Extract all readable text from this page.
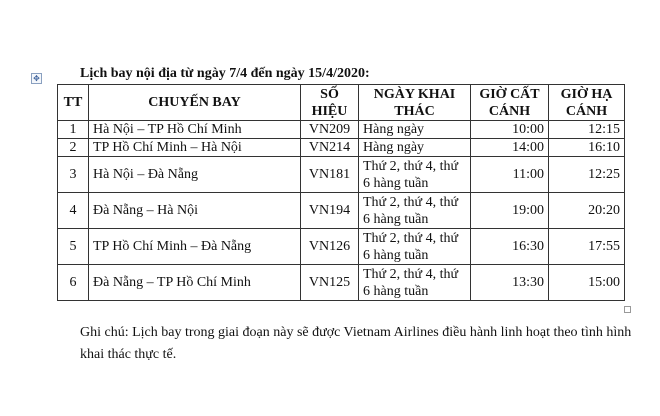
✥	Lịch bay nội địa từ ngày 7/4 đến ngày 15/4/2020:
TT	CHUYẾN BAY	SỐ HIỆU	NGÀY KHAI THÁC	GIỜ CẤT CÁNH	GIỜ HẠ CÁNH
1	Hà Nội – TP Hồ Chí Minh	VN209	Hàng ngày	10:00	12:15
2	TP Hồ Chí Minh – Hà Nội	VN214	Hàng ngày	14:00	16:10
3	Hà Nội – Đà Nẵng	VN181	Thứ 2, thứ 4, thứ 6 hàng tuần	11:00	12:25
4	Đà Nẵng – Hà Nội	VN194	Thứ 2, thứ 4, thứ 6 hàng tuần	19:00	20:20
5	TP Hồ Chí Minh – Đà Nẵng	VN126	Thứ 2, thứ 4, thứ 6 hàng tuần	16:30	17:55
6	Đà Nẵng – TP Hồ Chí Minh	VN125	Thứ 2, thứ 4, thứ 6 hàng tuần	13:30	15:00
Ghi chú: Lịch bay trong giai đoạn này sẽ được Vietnam Airlines điều hành linh hoạt theo tình hình khai thác thực tế.
